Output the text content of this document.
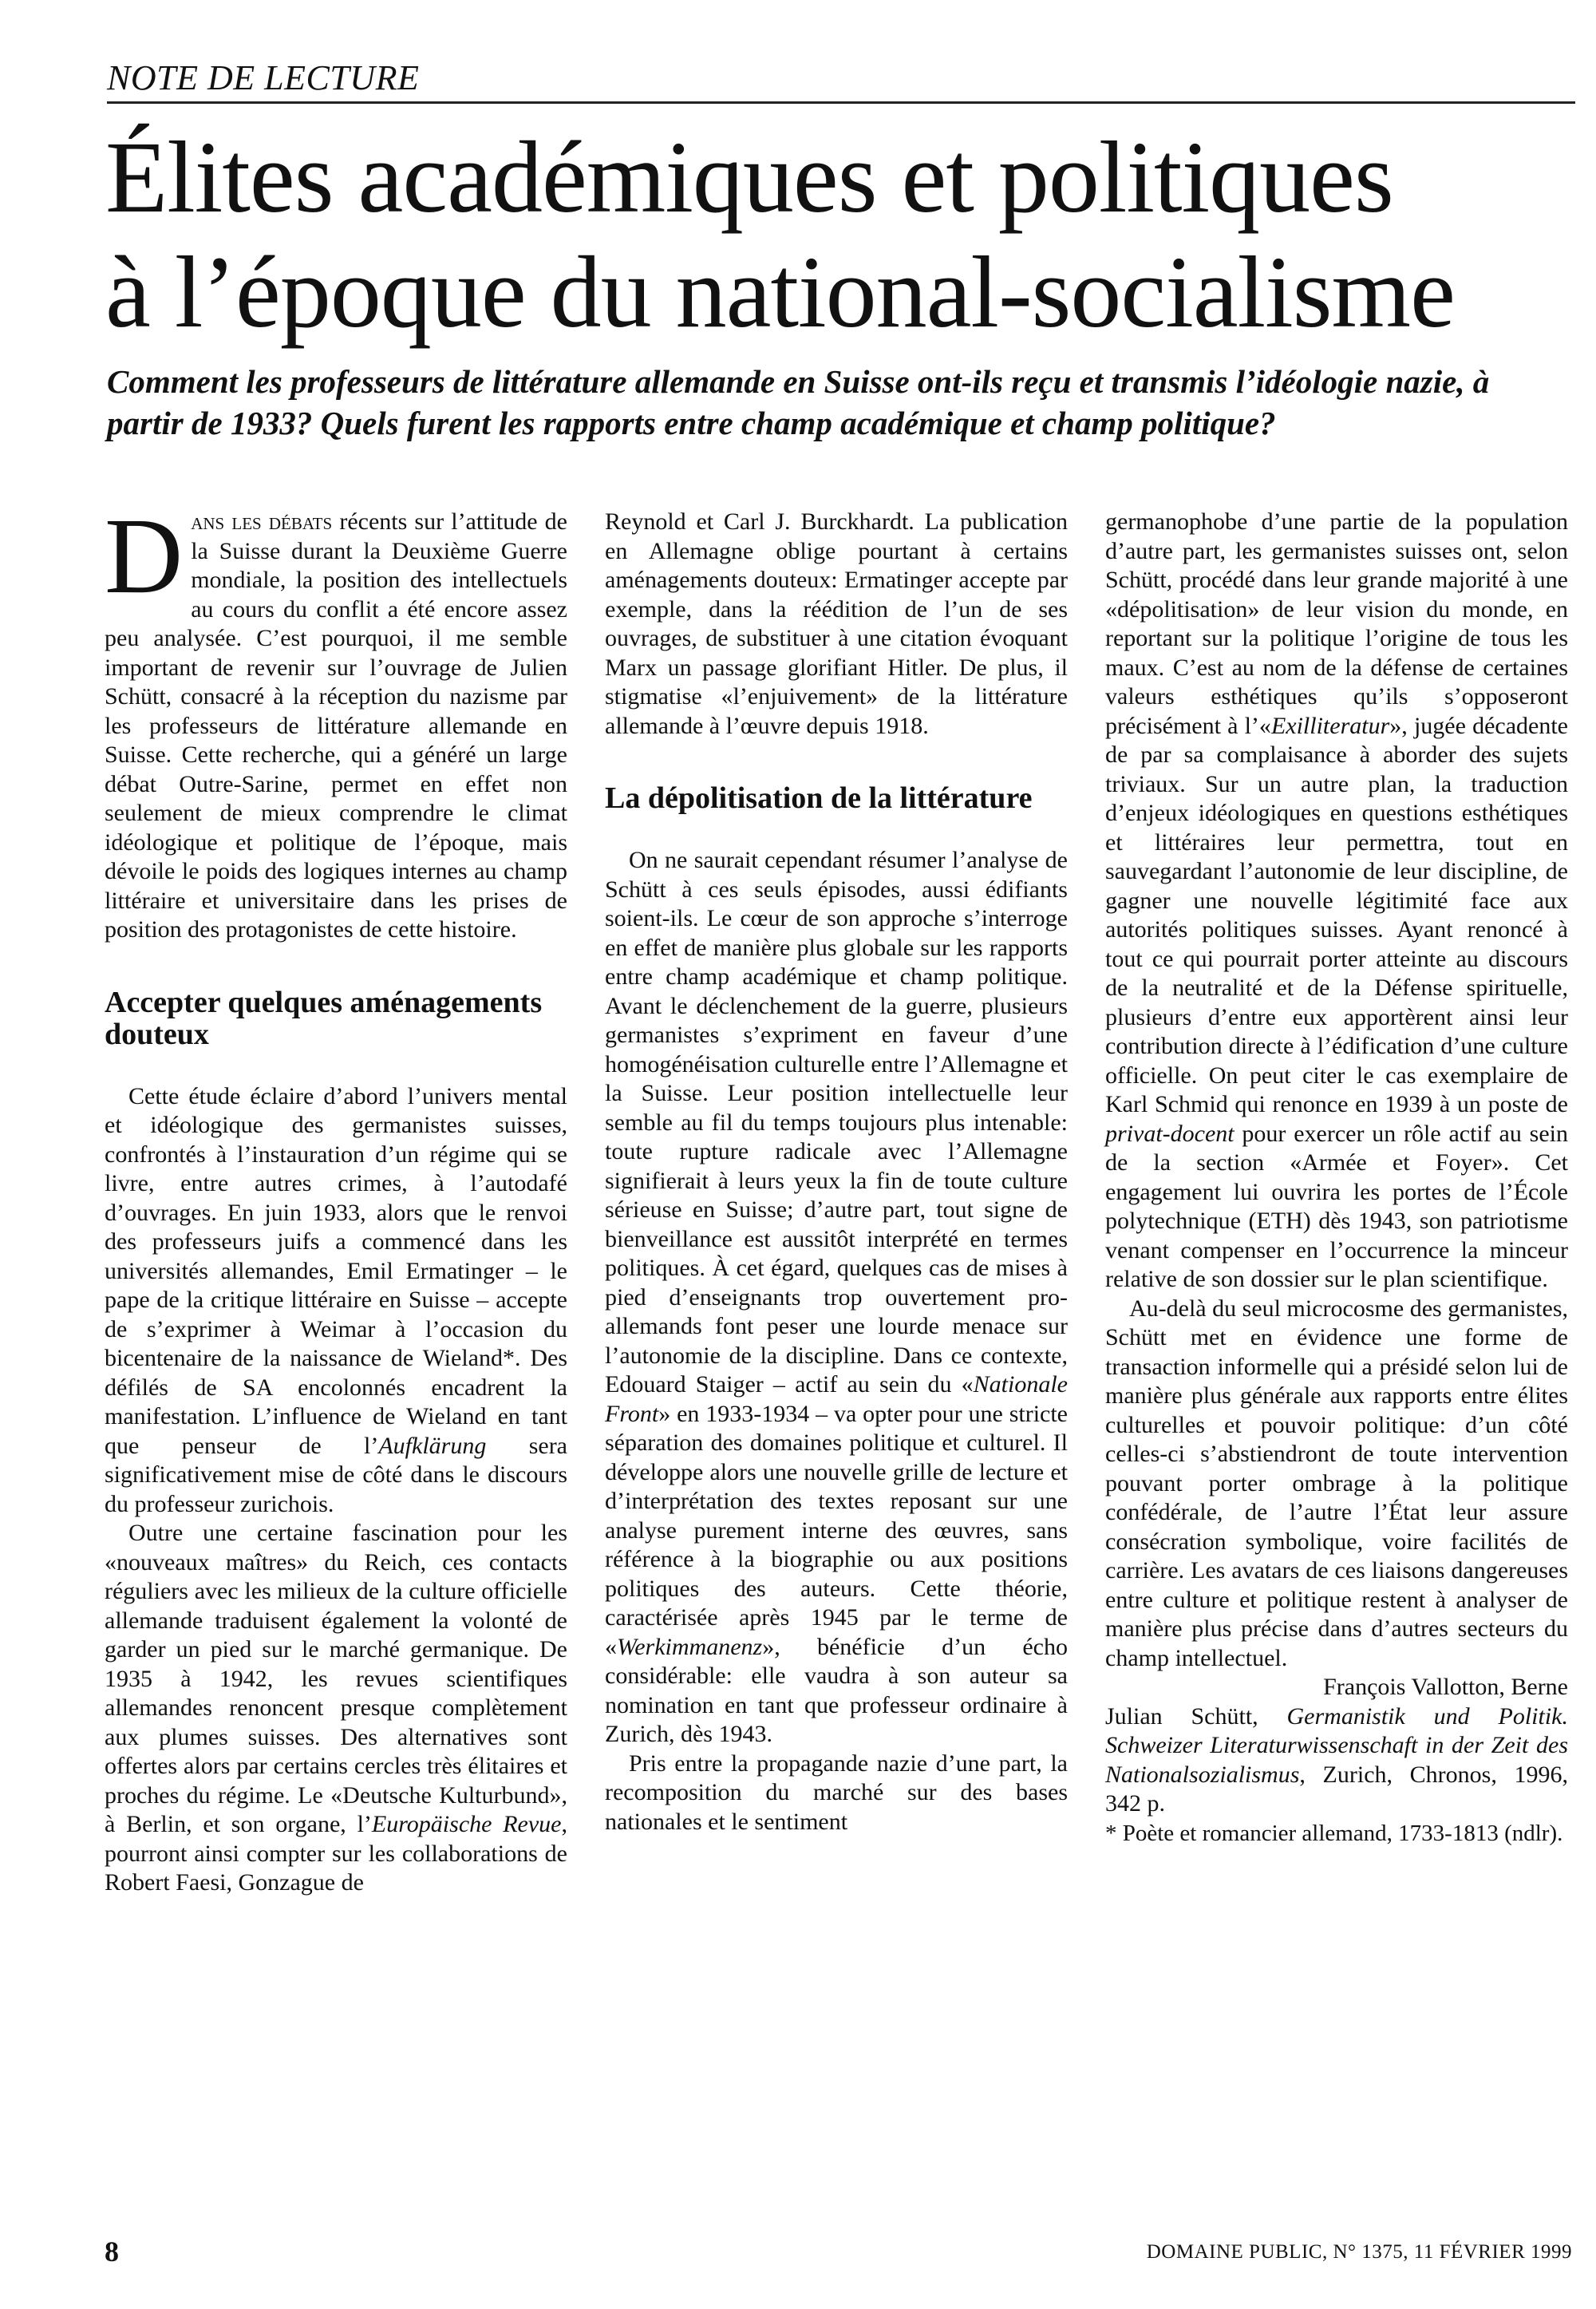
NOTE DE LECTURE
Élites académiques et politiques
à l’époque du national-socialisme
Comment les professeurs de littérature allemande en Suisse ont-ils reçu et transmis l’idéologie nazie, à partir de 1933? Quels furent les rapports entre champ académique et champ politique?

Dans les débats récents sur l’attitude de la Suisse durant la Deuxième Guerre mondiale, la position des intellectuels au cours du conflit a été encore assez peu analysée. C’est pourquoi, il me semble important de revenir sur l’ouvrage de Julien Schütt, consacré à la réception du nazisme par les professeurs de littérature allemande en Suisse. Cette recherche, qui a généré un large débat Outre-Sarine, permet en effet non seulement de mieux comprendre le climat idéologique et politique de l’époque, mais dévoile le poids des logiques internes au champ littéraire et universitaire dans les prises de position des protagonistes de cette histoire.

Accepter quelques aménagements douteux

Cette étude éclaire d’abord l’univers mental et idéologique des germanistes suisses, confrontés à l’instauration d’un régime qui se livre, entre autres crimes, à l’autodafé d’ouvrages. En juin 1933, alors que le renvoi des professeurs juifs a commencé dans les universités allemandes, Emil Ermatinger – le pape de la critique littéraire en Suisse – accepte de s’exprimer à Weimar à l’occasion du bicentenaire de la naissance de Wieland*. Des défilés de SA encolonnés encadrent la manifestation. L’influence de Wieland en tant que penseur de l’Aufklärung sera significativement mise de côté dans le discours du professeur zurichois.

Outre une certaine fascination pour les «nouveaux maîtres» du Reich, ces contacts réguliers avec les milieux de la culture officielle allemande traduisent également la volonté de garder un pied sur le marché germanique. De 1935 à 1942, les revues scientifiques allemandes renoncent presque complètement aux plumes suisses. Des alternatives sont offertes alors par certains cercles très élitaires et proches du régime. Le «Deutsche Kulturbund», à Berlin, et son organe, l’Europäische Revue, pourront ainsi compter sur les collaborations de Robert Faesi, Gonzague de

Reynold et Carl J. Burckhardt. La publication en Allemagne oblige pourtant à certains aménagements douteux: Ermatinger accepte par exemple, dans la réédition de l’un de ses ouvrages, de substituer à une citation évoquant Marx un passage glorifiant Hitler. De plus, il stigmatise «l’enjuivement» de la littérature allemande à l’œuvre depuis 1918.

La dépolitisation de la littérature

On ne saurait cependant résumer l’analyse de Schütt à ces seuls épisodes, aussi édifiants soient-ils. Le cœur de son approche s’interroge en effet de manière plus globale sur les rapports entre champ académique et champ politique. Avant le déclenchement de la guerre, plusieurs germanistes s’expriment en faveur d’une homogénéisation culturelle entre l’Allemagne et la Suisse. Leur position intellectuelle leur semble au fil du temps toujours plus intenable: toute rupture radicale avec l’Allemagne signifierait à leurs yeux la fin de toute culture sérieuse en Suisse; d’autre part, tout signe de bienveillance est aussitôt interprété en termes politiques. À cet égard, quelques cas de mises à pied d’enseignants trop ouvertement pro-allemands font peser une lourde menace sur l’autonomie de la discipline. Dans ce contexte, Edouard Staiger – actif au sein du «Nationale Front» en 1933-1934 – va opter pour une stricte séparation des domaines politique et culturel. Il développe alors une nouvelle grille de lecture et d’interprétation des textes reposant sur une analyse purement interne des œuvres, sans référence à la biographie ou aux positions politiques des auteurs. Cette théorie, caractérisée après 1945 par le terme de «Werkimmanenz», bénéficie d’un écho considérable: elle vaudra à son auteur sa nomination en tant que professeur ordinaire à Zurich, dès 1943.

Pris entre la propagande nazie d’une part, la recomposition du marché sur des bases nationales et le sentiment

germanophobe d’une partie de la population d’autre part, les germanistes suisses ont, selon Schütt, procédé dans leur grande majorité à une «dépolitisation» de leur vision du monde, en reportant sur la politique l’origine de tous les maux. C’est au nom de la défense de certaines valeurs esthétiques qu’ils s’opposeront précisément à l’«Exilliteratur», jugée décadente de par sa complaisance à aborder des sujets triviaux. Sur un autre plan, la traduction d’enjeux idéologiques en questions esthétiques et littéraires leur permettra, tout en sauvegardant l’autonomie de leur discipline, de gagner une nouvelle légitimité face aux autorités politiques suisses. Ayant renoncé à tout ce qui pourrait porter atteinte au discours de la neutralité et de la Défense spirituelle, plusieurs d’entre eux apportèrent ainsi leur contribution directe à l’édification d’une culture officielle. On peut citer le cas exemplaire de Karl Schmid qui renonce en 1939 à un poste de privat-docent pour exercer un rôle actif au sein de la section «Armée et Foyer». Cet engagement lui ouvrira les portes de l’École polytechnique (ETH) dès 1943, son patriotisme venant compenser en l’occurrence la minceur relative de son dossier sur le plan scientifique.

Au-delà du seul microcosme des germanistes, Schütt met en évidence une forme de transaction informelle qui a présidé selon lui de manière plus générale aux rapports entre élites culturelles et pouvoir politique: d’un côté celles-ci s’abstiendront de toute intervention pouvant porter ombrage à la politique confédérale, de l’autre l’État leur assure consécration symbolique, voire facilités de carrière. Les avatars de ces liaisons dangereuses entre culture et politique restent à analyser de manière plus précise dans d’autres secteurs du champ intellectuel.

François Vallotton, Berne

Julian Schütt, Germanistik und Politik. Schweizer Literaturwissenschaft in der Zeit des Nationalsozialismus, Zurich, Chronos, 1996, 342 p.

* Poète et romancier allemand, 1733-1813 (ndlr).

8	DOMAINE PUBLIC, N° 1375, 11 FÉVRIER 1999
